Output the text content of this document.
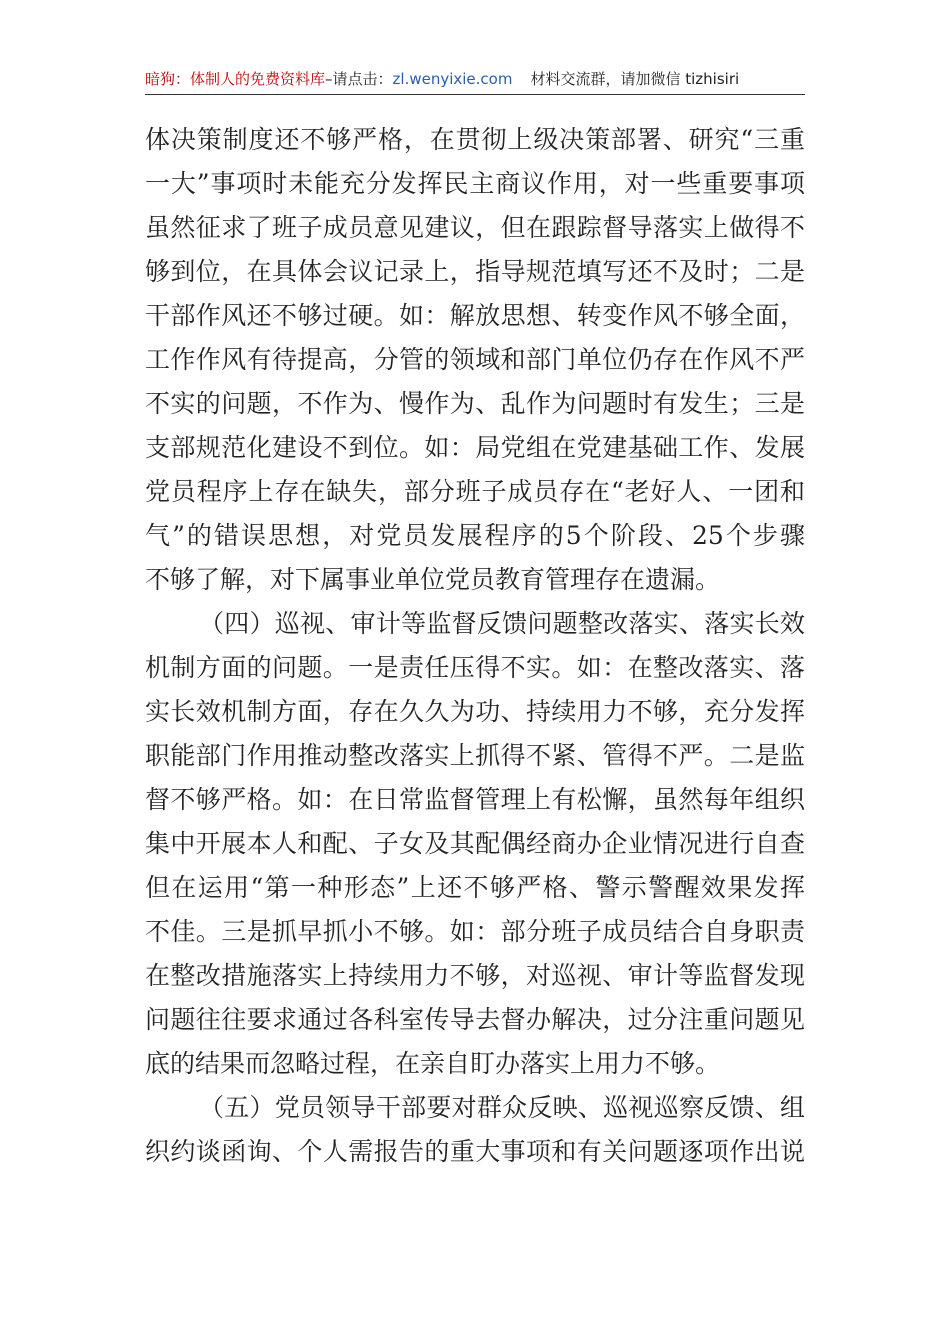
暗狗：体制人的免费资料库–请点击：zl.wenyixie.com 材料交流群，请加微信 tizhisiri
体决策制度还不够严格，在贯彻上级决策部署、研究“三重
一大”事项时未能充分发挥民主商议作用，对一些重要事项
虽然征求了班子成员意见建议，但在跟踪督导落实上做得不
够到位，在具体会议记录上，指导规范填写还不及时；二是
干部作风还不够过硬。如：解放思想、转变作风不够全面，
工作作风有待提高，分管的领域和部门单位仍存在作风不严
不实的问题，不作为、慢作为、乱作为问题时有发生；三是
支部规范化建设不到位。如：局党组在党建基础工作、发展
党员程序上存在缺失，部分班子成员存在“老好人、一团和
气”的错误思想，对党员发展程序的5个阶段、25个步骤
不够了解，对下属事业单位党员教育管理存在遗漏。
（四）巡视、审计等监督反馈问题整改落实、落实长效
机制方面的问题。一是责任压得不实。如：在整改落实、落
实长效机制方面，存在久久为功、持续用力不够，充分发挥
职能部门作用推动整改落实上抓得不紧、管得不严。二是监
督不够严格。如：在日常监督管理上有松懈，虽然每年组织
集中开展本人和配、子女及其配偶经商办企业情况进行自查
但在运用“第一种形态”上还不够严格、警示警醒效果发挥
不佳。三是抓早抓小不够。如：部分班子成员结合自身职责
在整改措施落实上持续用力不够，对巡视、审计等监督发现
问题往往要求通过各科室传导去督办解决，过分注重问题见
底的结果而忽略过程，在亲自盯办落实上用力不够。
（五）党员领导干部要对群众反映、巡视巡察反馈、组
织约谈函询、个人需报告的重大事项和有关问题逐项作出说
